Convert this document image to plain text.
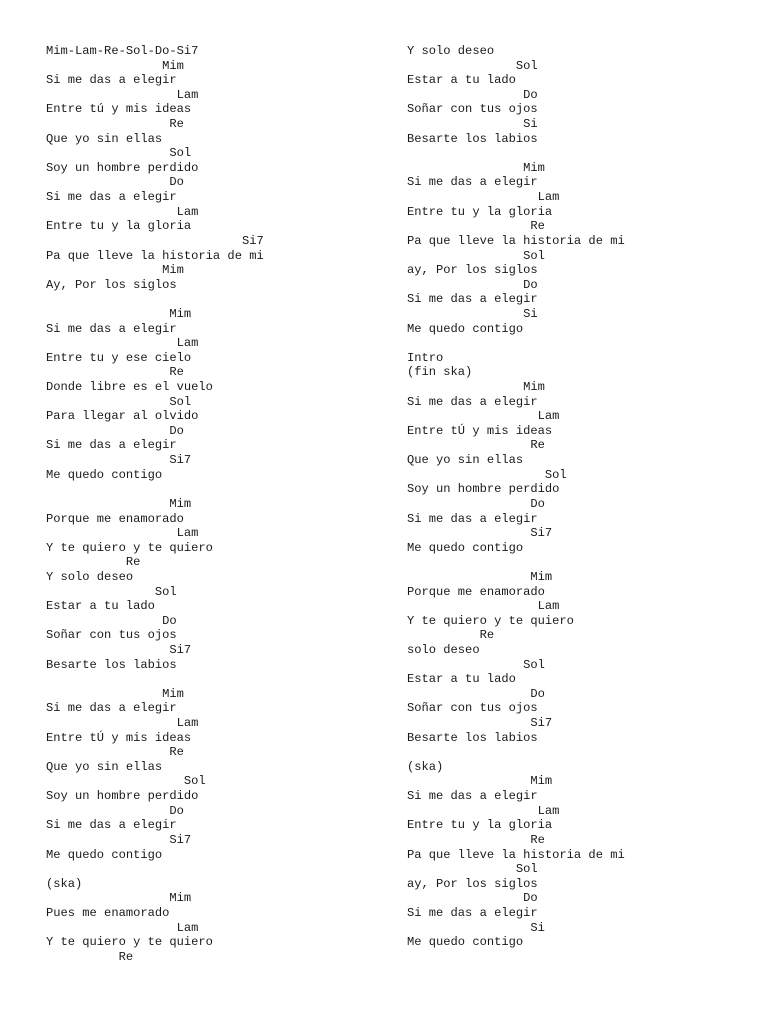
Mim-Lam-Re-Sol-Do-Si7
Mim
Si me das a elegir
Lam
Entre tú y mis ideas
Re
Que yo sin ellas
Sol
Soy un hombre perdido
Do
Si me das a elegir
Lam
Entre tu y la gloria
Si7
Pa que lleve la historia de mi
Mim
Ay, Por los siglos
Mim
Si me das a elegir
Lam
Entre tu y ese cielo
Re
Donde libre es el vuelo
Sol
Para llegar al olvido
Do
Si me das a elegir
Si7
Me quedo contigo
Mim
Porque me enamorado
Lam
Y te quiero y te quiero
Re
Y solo deseo
Sol
Estar a tu lado
Do
Soñar con tus ojos
Si7
Besarte los labios
Mim
Si me das a elegir
Lam
Entre tÚ y mis ideas
Re
Que yo sin ellas
Sol
Soy un hombre perdido
Do
Si me das a elegir
Si7
Me quedo contigo
(ska)
Mim
Pues me enamorado
Lam
Y te quiero y te quiero
Re
Y solo deseo
Sol
Estar a tu lado
Do
Soñar con tus ojos
Si
Besarte los labios
Mim
Si me das a elegir
Lam
Entre tu y la gloria
Re
Pa que lleve la historia de mi
Sol
ay, Por los siglos
Do
Si me das a elegir
Si
Me quedo contigo
Intro
(fin ska)
Mim
Si me das a elegir
Lam
Entre tÚ y mis ideas
Re
Que yo sin ellas
Sol
Soy un hombre perdido
Do
Si me das a elegir
Si7
Me quedo contigo
Mim
Porque me enamorado
Lam
Y te quiero y te quiero
Re
solo deseo
Sol
Estar a tu lado
Do
Soñar con tus ojos
Si7
Besarte los labios
(ska)
Mim
Si me das a elegir
Lam
Entre tu y la gloria
Re
Pa que lleve la historia de mi
Sol
ay, Por los siglos
Do
Si me das a elegir
Si
Me quedo contigo
